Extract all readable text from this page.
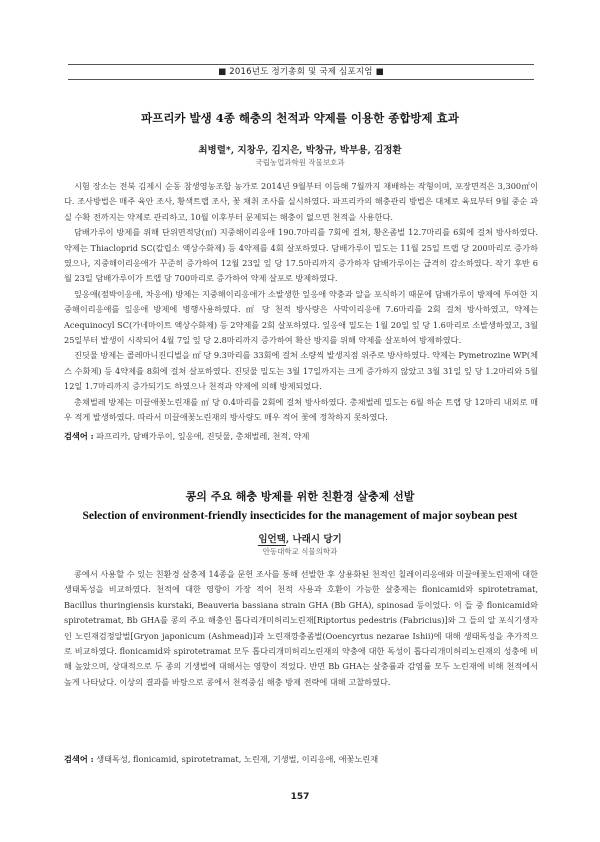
■ 2016년도 정기총회 및 국제 심포지엄 ■
파프리카 발생 4종 해충의 천적과 약제를 이용한 종합방제 효과
최병렬*, 지창우, 김지은, 박창규, 박부용, 김정환
국립농업과학원 작물보호과

시험 장소는 전북 김제시 순동 참생영농조합 농가로 2014년 9월부터 이듬해 7월까지 재배하는 작형이며, 포장면적은 3,300㎡이다. 조사방법은 매주 육안 조사, 황색트랩 조사, 꽃 채취 조사를 실시하였다. 파프리카의 해충관리 방법은 대체로 육묘부터 9월 중순 과실 수확 전까지는 약제로 관리하고, 10월 이후부터 문제되는 해충이 없으면 천적을 사용한다.

담배가루이 방제를 위해 단위면적당(㎡) 지중해이리응애 190.7마리를 7회에 걸쳐, 황온좀벌 12.7마리를 6회에 걸쳐 방사하였다. 약제는 Thiacloprid SC(칼립소 액상수화제) 등 4약제를 4회 살포하였다. 담배가루이 밀도는 11월 25일 트랩 당 200마리로 증가하였으나, 지중해이리응애가 꾸준히 증가하여 12월 23일 잎 당 17.5마리까지 증가하자 담배가루이는 급격히 감소하였다. 작기 후반 6월 23일 담배가루이가 트랩 당 700마리로 증가하여 약제 살포로 방제하였다.

잎응애(점박이응애, 차응애) 방제는 지중해이리응애가 소발생한 잎응애 약충과 알을 포식하기 때문에 담배가루이 방제에 투여한 지중해이리응애를 잎응애 방제에 병행사용하였다. ㎡ 당 천적 방사량은 사막이리응애 7.6마리를 2회 걸쳐 방사하였고, 약제는 Acequinocyl SC(가네마이트 액상수화제) 등 2약제를 2회 살포하였다. 잎응애 밀도는 1월 20일 잎 당 1.6마리로 소발생하였고, 3월 25일부터 발생이 시작되어 4월 7일 잎 당 2.8마리까지 증가하여 확산 방지를 위해 약제를 살포하여 방제하였다.

진딧물 방제는 콜레마니진디벌을 ㎡ 당 9.3마리를 33회에 걸쳐 소량씩 발생지점 위주로 방사하였다. 약제는 Pymetrozine WP(체스 수화제) 등 4약제를 8회에 걸쳐 살포하였다. 진딧물 밀도는 3월 17일까지는 크게 증가하지 않았고 3월 31일 잎 당 1.2마리와 5월 12일 1.7마리까지 증가되기도 하였으나 천적과 약제에 의해 방제되었다.

총채벌레 방제는 미끌애꽃노린재를 ㎡ 당 0.4마리를 2회에 걸쳐 방사하였다. 총채벌레 밀도는 6월 하순 트랩 당 12마리 내외로 매우 적게 발생하였다. 따라서 미끌애꽃노린재의 방사량도 매우 적어 꽃에 정착하지 못하였다.

검색어 : 파프리카, 담배가루이, 잎응애, 진딧물, 총채벌레, 천적, 약제
콩의 주요 해충 방제를 위한 친환경 살충제 선발
Selection of environment-friendly insecticides for the management of major soybean pest
임언택, 나래시 당기
안동대학교 식물의학과

콩에서 사용할 수 있는 친환경 살충제 14종을 문헌 조사를 통해 선발한 후 상용화된 천적인 칠레이리응애와 미끌애꽃노린재에 대한 생태독성을 비교하였다. 천적에 대한 영향이 가장 적어 천적 사용과 호환이 가능한 살충제는 flonicamid와 spirotetramat, Bacillus thuringiensis kurstaki, Beauveria bassiana strain GHA (Bb GHA), spinosad 등이었다. 이 들 중 flonicamid와 spirotetramat, Bb GHA를 콩의 주요 해충인 톱다리개미허리노린재[Riptortus pedestris (Fabricius)]와 그 들의 알 포식기생자인 노린재검정알벌[Gryon japonicum (Ashmead)]과 노린재깡충좀벌(Ooencyrtus nezarae Ishii)에 대해 생태독성을 추가적으로 비교하였다. flonicamid와 spirotetramat 모두 톱다리개미허리노린재의 약충에 대한 독성이 톱다리개미허리노린재의 성충에 비해 높았으며, 상대적으로 두 종의 기생벌에 대해서는 영향이 적었다. 반면 Bb GHA는 살충률과 감염률 모두 노린재에 비해 천적에서 높게 나타났다. 이상의 결과를 바탕으로 콩에서 천적중심 해충 방제 전략에 대해 고찰하였다.

검색어 : 생태독성, flonicamid, spirotetramat, 노린재, 기생벌, 이리응애, 애꽃노린재
157
